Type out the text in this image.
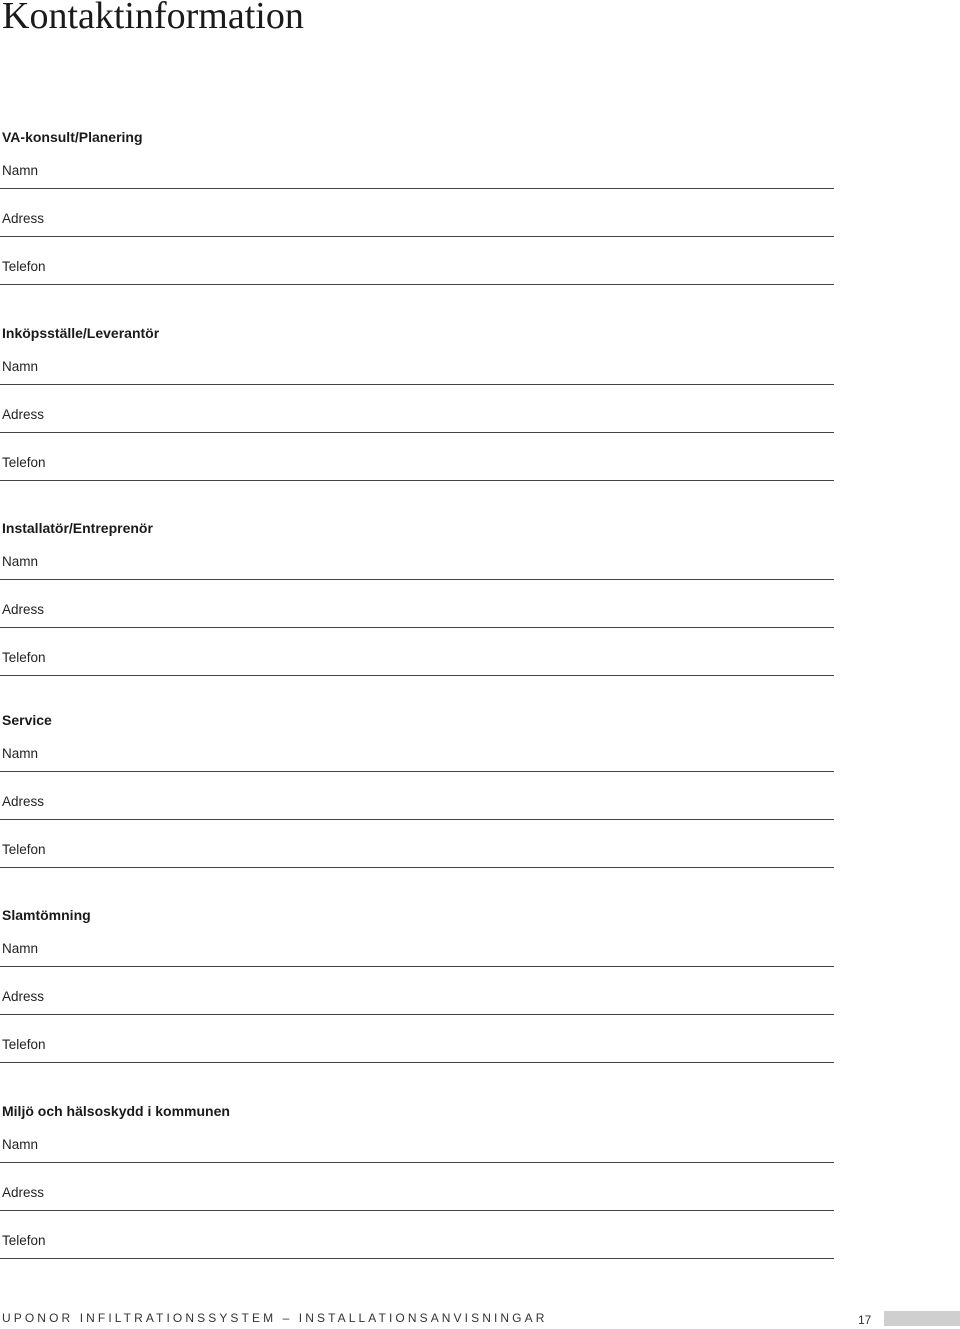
Kontaktinformation
VA-konsult/Planering
Namn
Adress
Telefon
Inköpsställe/Leverantör
Namn
Adress
Telefon
Installatör/Entreprenör
Namn
Adress
Telefon
Service
Namn
Adress
Telefon
Slamtömning
Namn
Adress
Telefon
Miljö och hälsoskydd i kommunen
Namn
Adress
Telefon
UPONOR INFILTRATIONSSYSTEM – INSTALLATIONSANVISNINGAR	17
